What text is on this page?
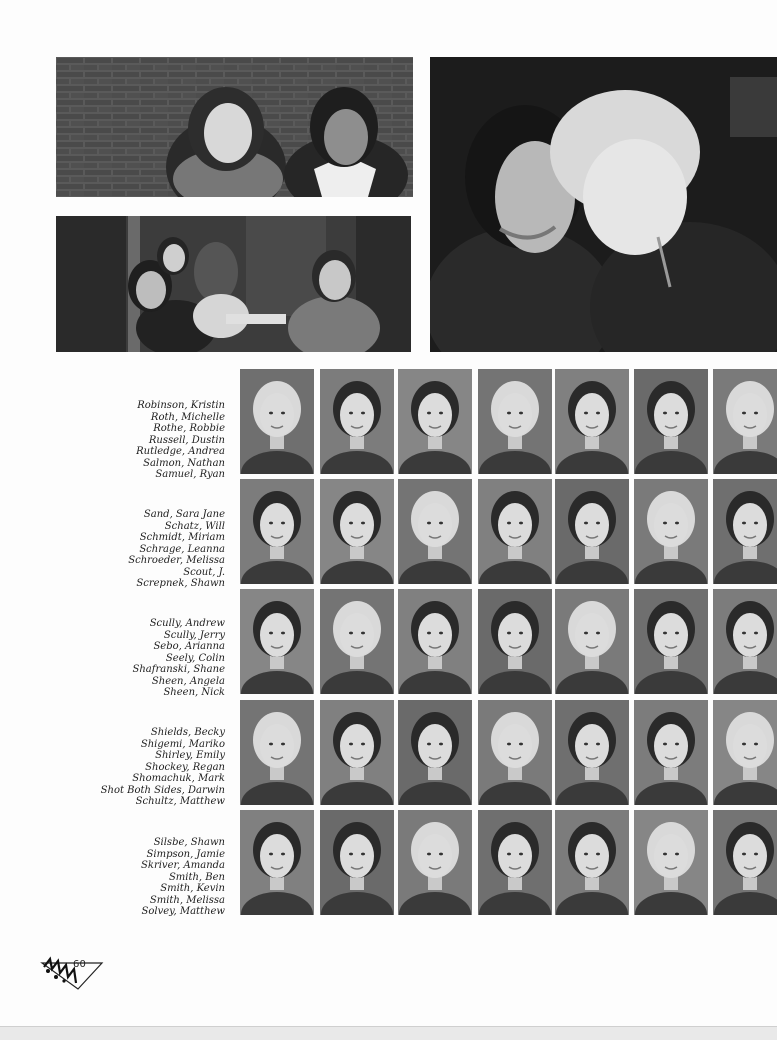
Robinson, Kristin
Roth, Michelle
Rothe, Robbie
Russell, Dustin
Rutledge, Andrea
Salmon, Nathan
Samuel, Ryan
Sand, Sara Jane
Schatz, Will
Schmidt, Miriam
Schrage, Leanna
Schroeder, Melissa
Scout, J.
Screpnek, Shawn
Scully, Andrew
Scully, Jerry
Sebo, Arianna
Seely, Colin
Shafranski, Shane
Sheen, Angela
Sheen, Nick
Shields, Becky
Shigemi, Mariko
Shirley, Emily
Shockey, Regan
Shomachuk, Mark
Shot Both Sides, Darwin
Schultz, Matthew
Silsbe, Shawn
Simpson, Jamie
Skriver, Amanda
Smith, Ben
Smith, Kevin
Smith, Melissa
Solvey, Matthew
60
